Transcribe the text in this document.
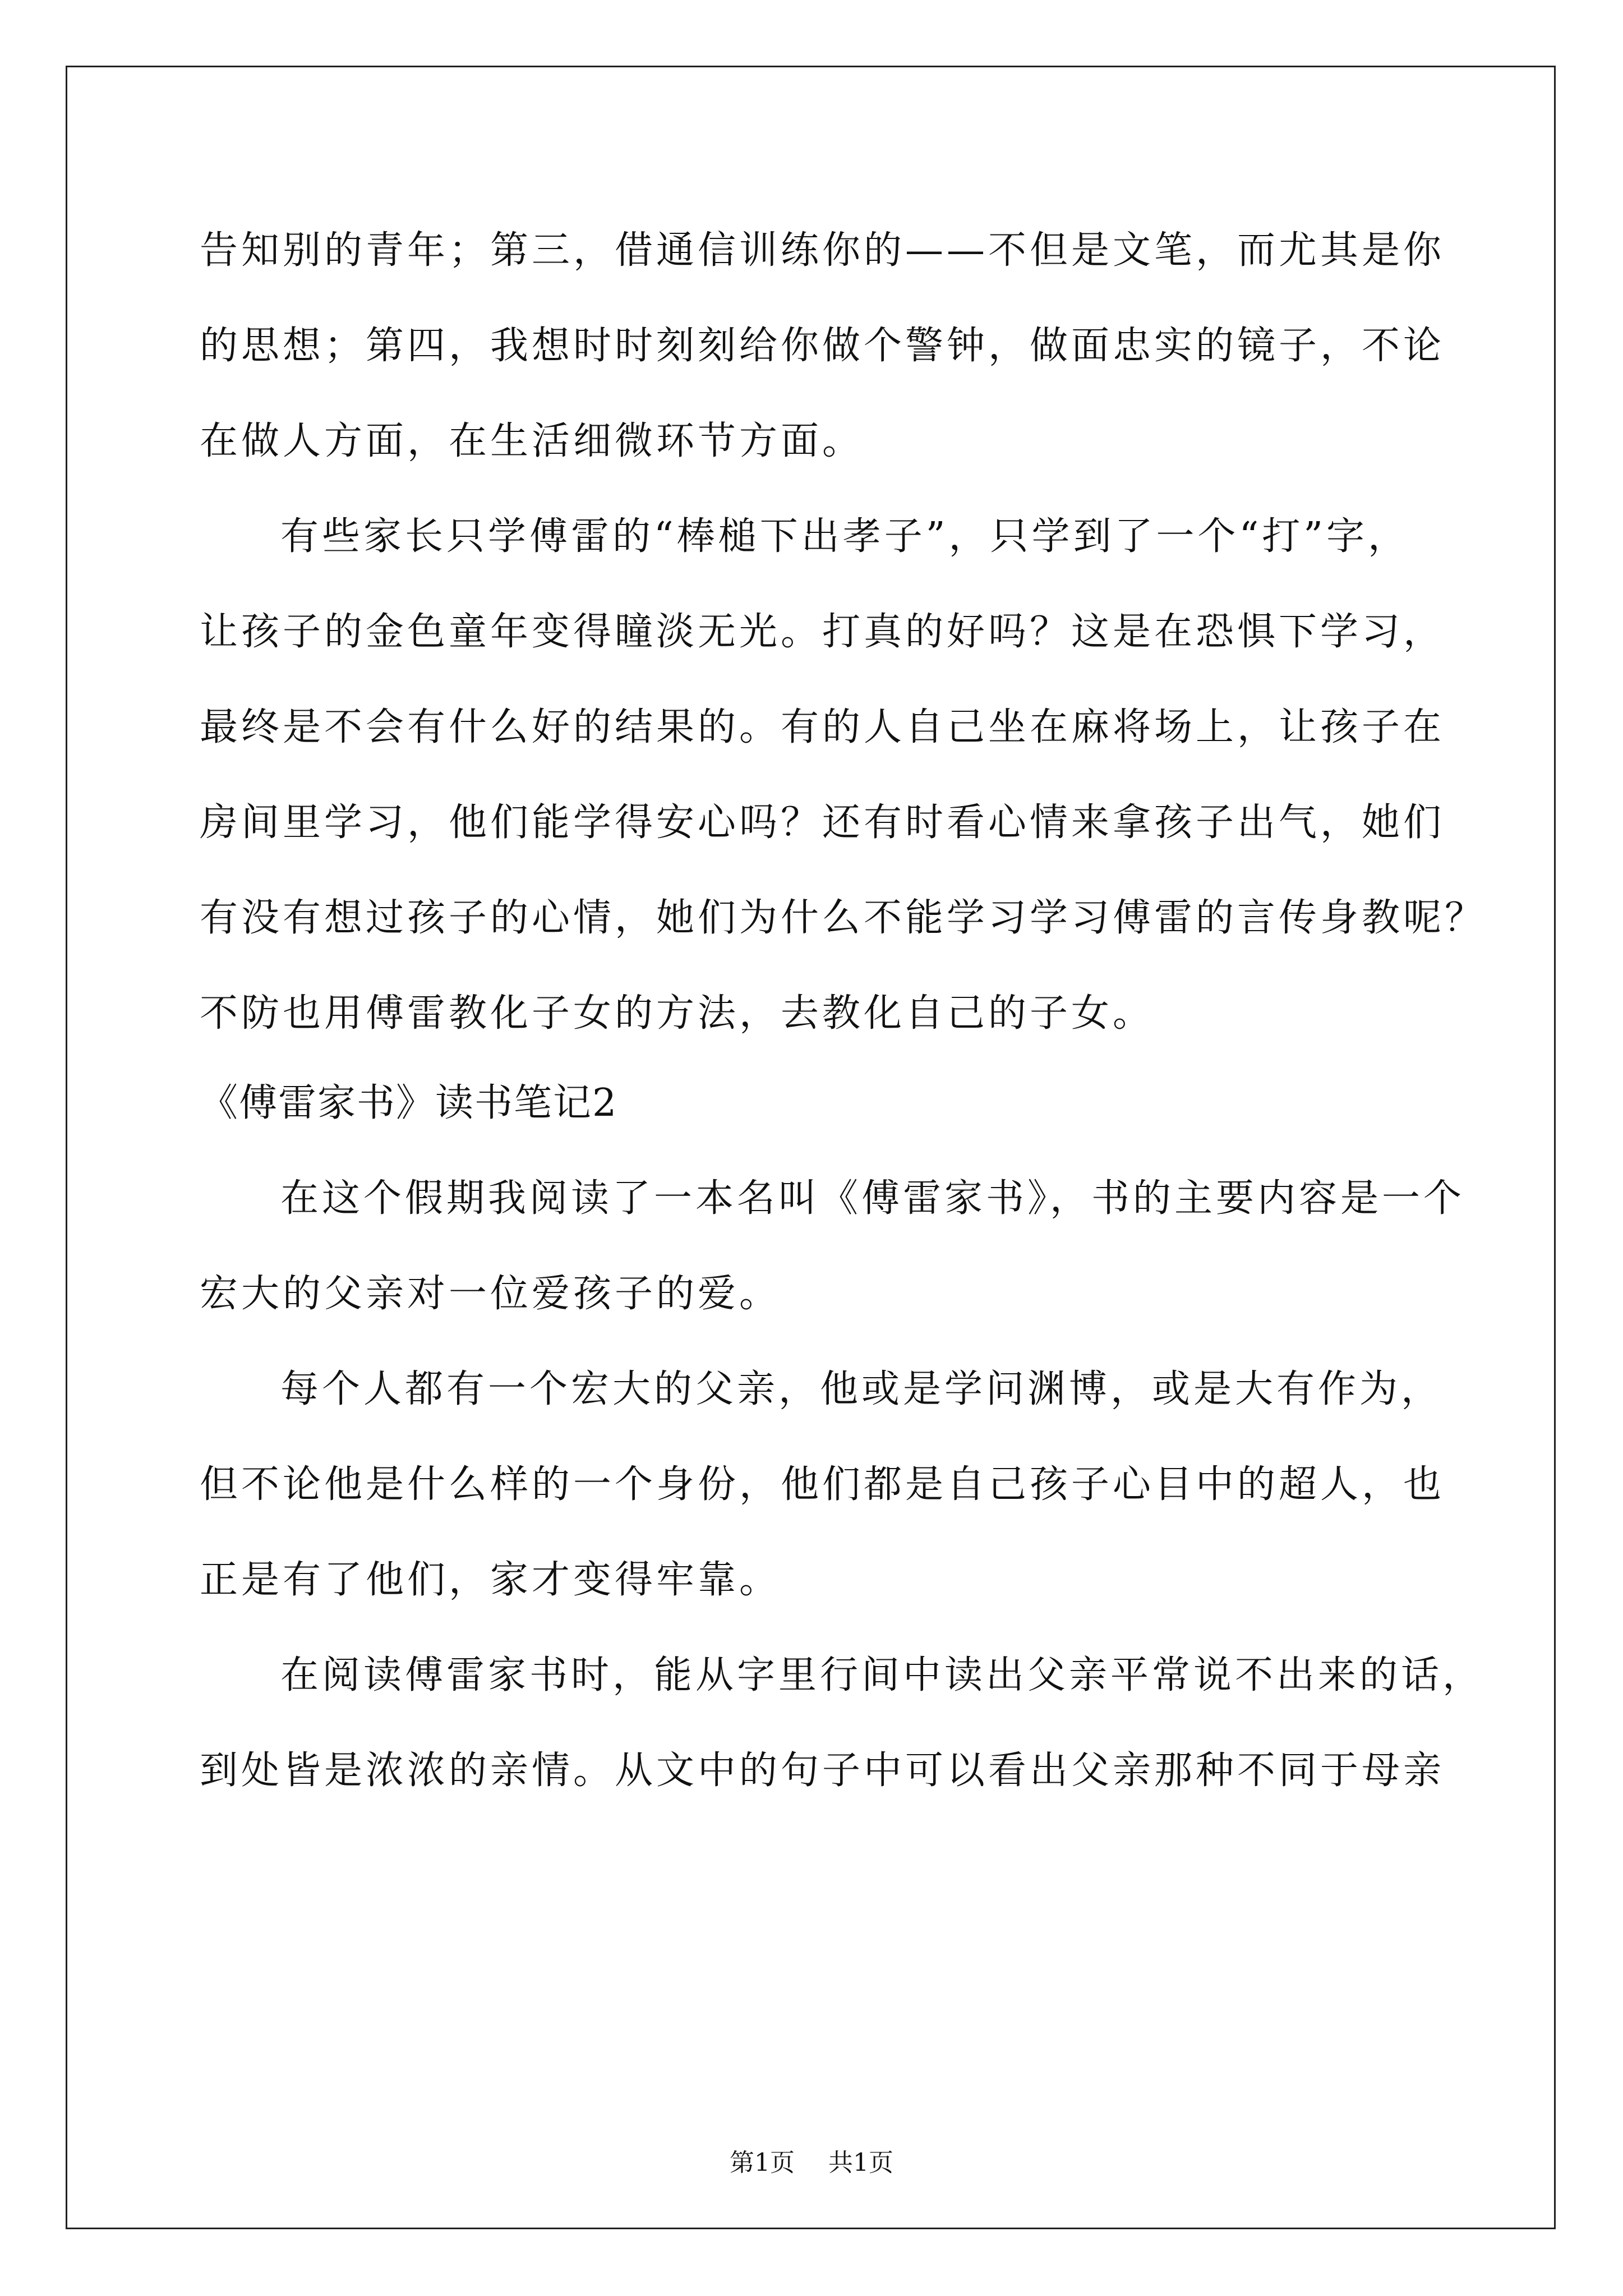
告知别的青年；第三，借通信训练你的——不但是文笔，而尤其是你
的思想；第四，我想时时刻刻给你做个警钟，做面忠实的镜子，不论
在做人方面，在生活细微环节方面。
有些家长只学傅雷的“棒槌下出孝子”，只学到了一个“打”字，
让孩子的金色童年变得瞳淡无光。打真的好吗？这是在恐惧下学习，
最终是不会有什么好的结果的。有的人自己坐在麻将场上，让孩子在
房间里学习，他们能学得安心吗？还有时看心情来拿孩子出气，她们
有没有想过孩子的心情，她们为什么不能学习学习傅雷的言传身教呢？
不防也用傅雷教化子女的方法，去教化自己的子女。
《傅雷家书》读书笔记2
在这个假期我阅读了一本名叫《傅雷家书》，书的主要内容是一个
宏大的父亲对一位爱孩子的爱。
每个人都有一个宏大的父亲，他或是学问渊博，或是大有作为，
但不论他是什么样的一个身份，他们都是自己孩子心目中的超人，也
正是有了他们，家才变得牢靠。
在阅读傅雷家书时，能从字里行间中读出父亲平常说不出来的话，
到处皆是浓浓的亲情。从文中的句子中可以看出父亲那种不同于母亲
第1页 共1页
